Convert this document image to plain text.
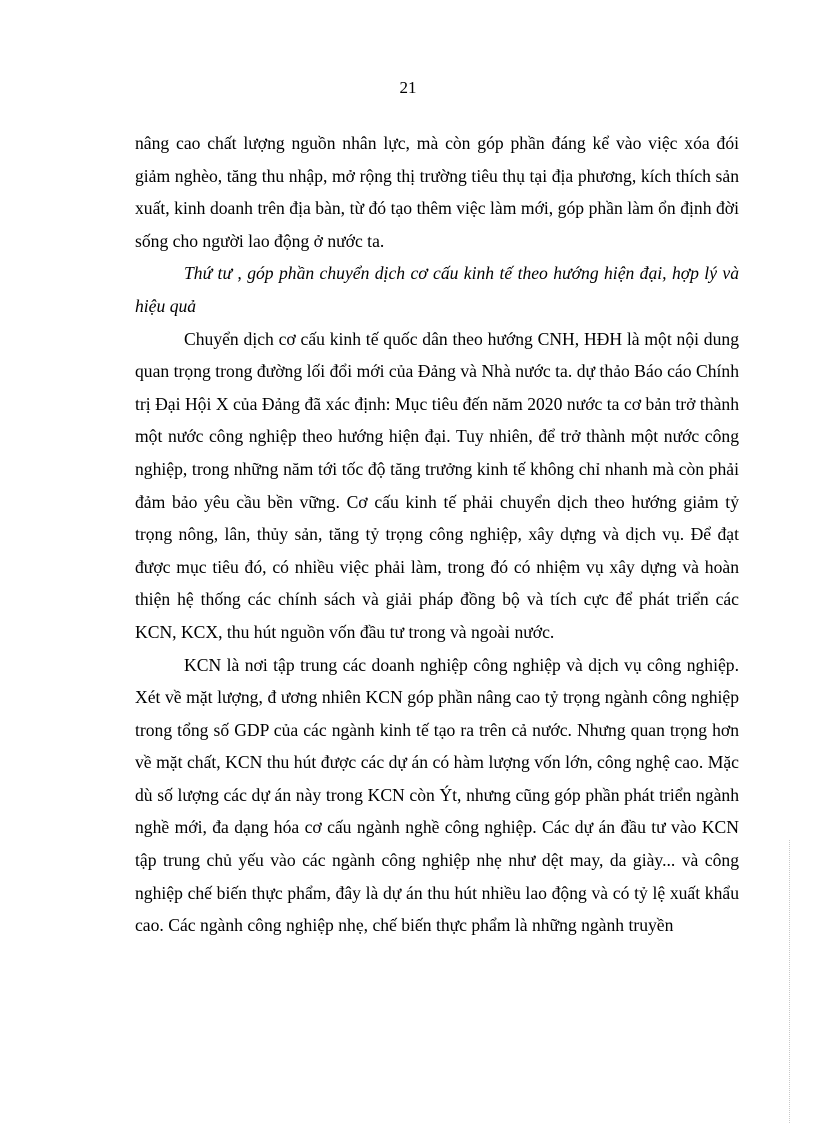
21

nâng cao chất lượng nguồn nhân lực, mà còn góp phần đáng kể vào việc xóa đói giảm nghèo, tăng thu nhập, mở rộng thị trường tiêu thụ tại địa phương, kích thích sản xuất, kinh doanh trên địa bàn, từ đó tạo thêm việc làm mới, góp phần làm ổn định đời sống cho người lao động ở nước ta.

Thứ tư , góp phần chuyển dịch cơ cấu kinh tế theo hướng hiện đại, hợp lý và hiệu quả

Chuyển dịch cơ cấu kinh tế quốc dân theo hướng CNH, HĐH là một nội dung quan trọng trong đường lối đổi mới của Đảng và Nhà nước ta. dự thảo Báo cáo Chính trị Đại Hội X của Đảng đã xác định: Mục tiêu đến năm 2020 nước ta cơ bản trở thành một nước công nghiệp theo hướng hiện đại. Tuy nhiên, để trở thành một nước công nghiệp, trong những năm tới tốc độ tăng trưởng kinh tế không chỉ nhanh mà còn phải đảm bảo yêu cầu bền vững. Cơ cấu kinh tế phải chuyển dịch theo hướng giảm tỷ trọng nông, lân, thủy sản, tăng tỷ trọng công nghiệp, xây dựng và dịch vụ. Để đạt được mục tiêu đó, có nhiều việc phải làm, trong đó có nhiệm vụ xây dựng và hoàn thiện hệ thống các chính sách và giải pháp đồng bộ và tích cực để phát triển các KCN, KCX, thu hút nguồn vốn đầu tư trong và ngoài nước.

KCN là nơi tập trung các doanh nghiệp công nghiệp và dịch vụ công nghiệp. Xét về mặt lượng, đ ương nhiên KCN góp phần nâng cao tỷ trọng ngành công nghiệp trong tổng số GDP của các ngành kinh tế tạo ra trên cả nước. Nhưng quan trọng hơn về mặt chất, KCN thu hút được các dự án có hàm lượng vốn lớn, công nghệ cao. Mặc dù số lượng các dự án này trong KCN còn Ýt, nhưng cũng góp phần phát triển ngành nghề mới, đa dạng hóa cơ cấu ngành nghề công nghiệp. Các dự án đầu tư vào KCN tập trung chủ yếu vào các ngành công nghiệp nhẹ như dệt may, da giày... và công nghiệp chế biến thực phẩm, đây là dự án thu hút nhiều lao động và có tỷ lệ xuất khẩu cao. Các ngành công nghiệp nhẹ, chế biến thực phẩm là những ngành truyền
